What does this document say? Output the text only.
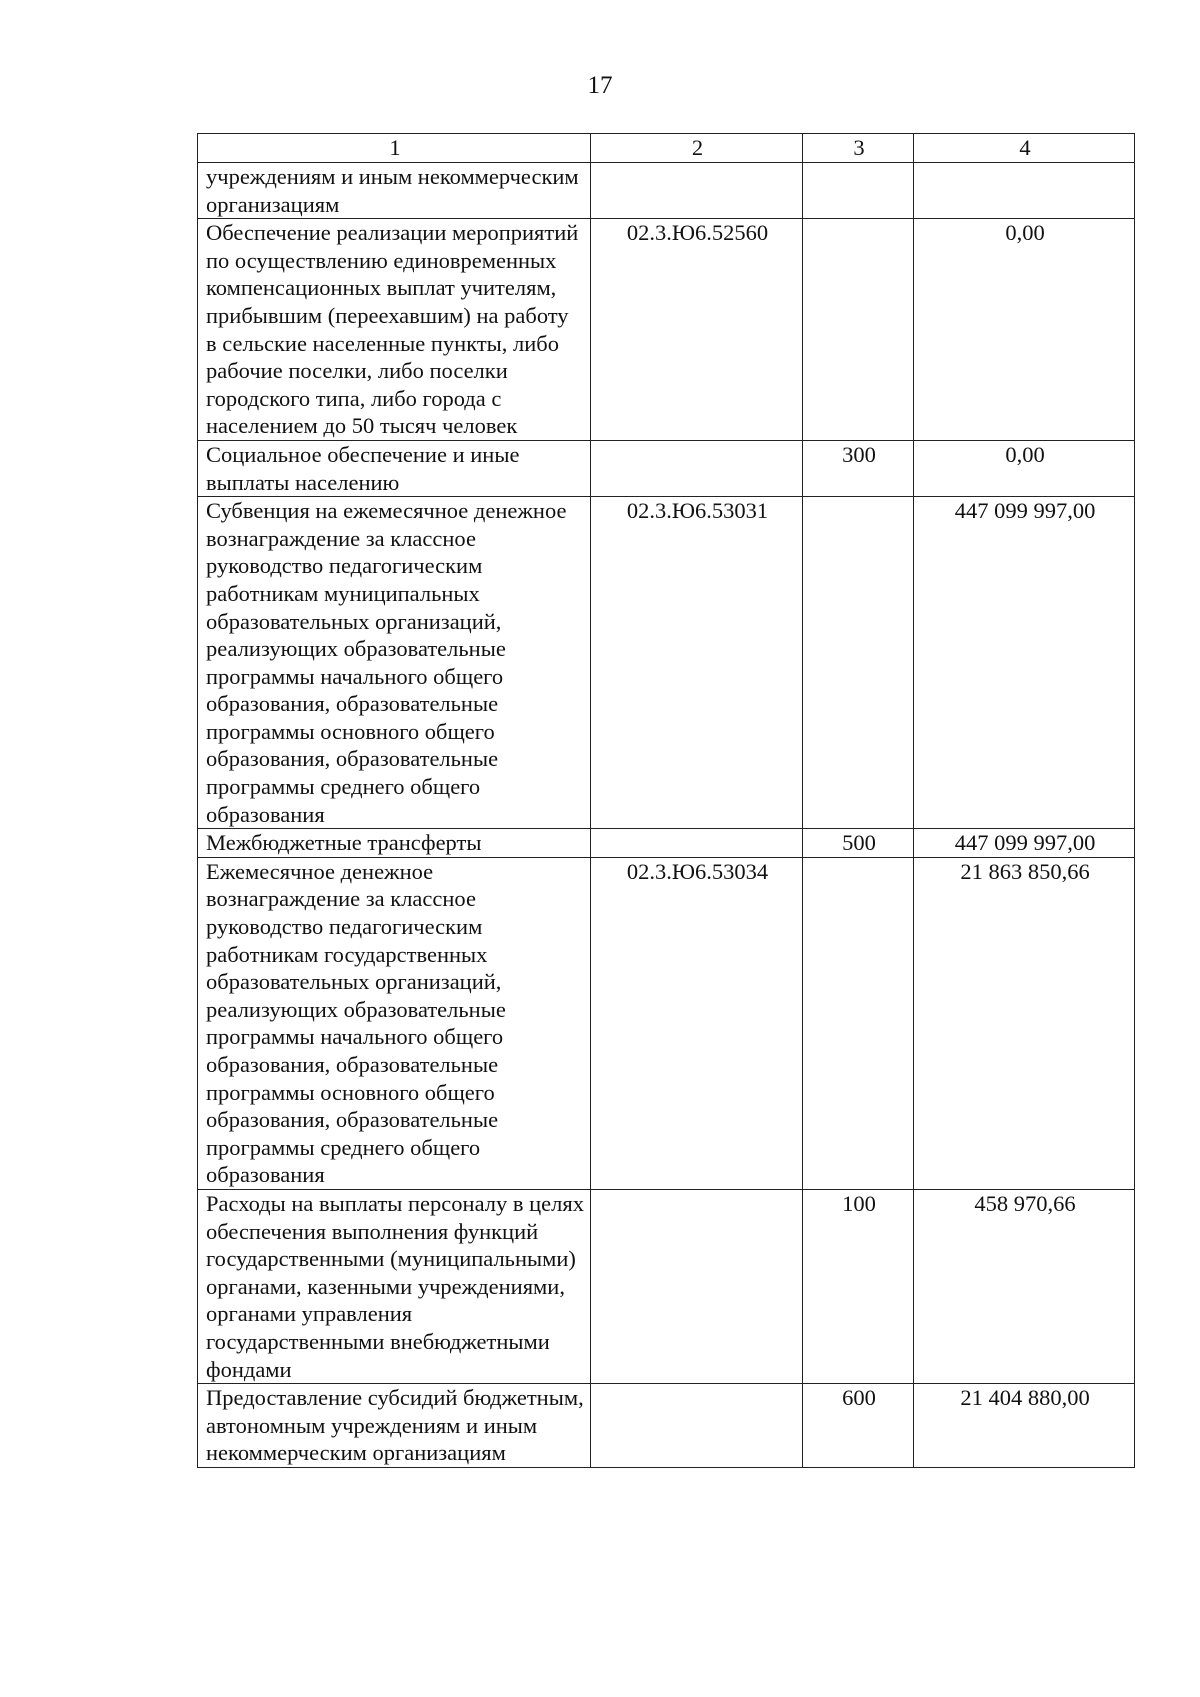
17
1	2	3	4
учреждениям и иным некоммерческим организациям			
Обеспечение реализации мероприятий по осуществлению единовременных компенсационных выплат учителям, прибывшим (переехавшим) на работу в сельские населенные пункты, либо рабочие поселки, либо поселки городского типа, либо города с населением до 50 тысяч человек	02.3.Ю6.52560		0,00
Социальное обеспечение и иные выплаты населению		300	0,00
Субвенция на ежемесячное денежное вознаграждение за классное руководство педагогическим работникам муниципальных образовательных организаций, реализующих образовательные программы начального общего образования, образовательные программы основного общего образования, образовательные программы среднего общего образования	02.3.Ю6.53031		447 099 997,00
Межбюджетные трансферты		500	447 099 997,00
Ежемесячное денежное вознаграждение за классное руководство педагогическим работникам государственных образовательных организаций, реализующих образовательные программы начального общего образования, образовательные программы основного общего образования, образовательные программы среднего общего образования	02.3.Ю6.53034		21 863 850,66
Расходы на выплаты персоналу в целях обеспечения выполнения функций государственными (муниципальными) органами, казенными учреждениями, органами управления государственными внебюджетными фондами		100	458 970,66
Предоставление субсидий бюджетным, автономным учреждениям и иным некоммерческим организациям		600	21 404 880,00
